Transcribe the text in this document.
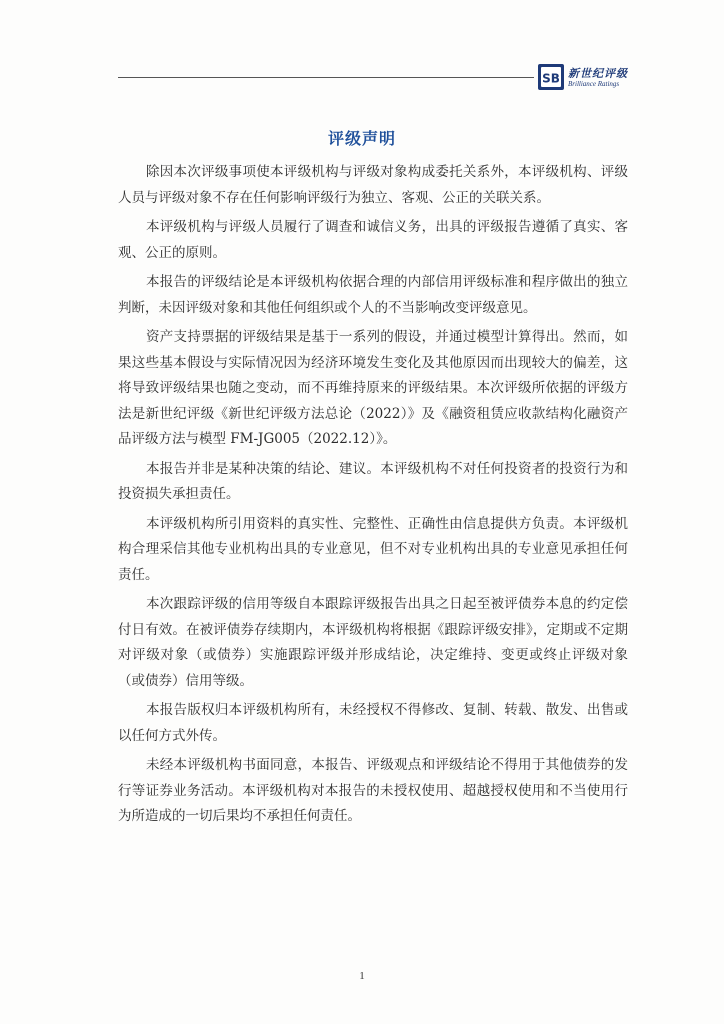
SB 新世纪评级
Brilliance Ratings
评级声明

除因本次评级事项使本评级机构与评级对象构成委托关系外，本评级机构、评级人员与评级对象不存在任何影响评级行为独立、客观、公正的关联关系。

本评级机构与评级人员履行了调查和诚信义务，出具的评级报告遵循了真实、客观、公正的原则。

本报告的评级结论是本评级机构依据合理的内部信用评级标准和程序做出的独立判断，未因评级对象和其他任何组织或个人的不当影响改变评级意见。

资产支持票据的评级结果是基于一系列的假设，并通过模型计算得出。然而，如果这些基本假设与实际情况因为经济环境发生变化及其他原因而出现较大的偏差，这将导致评级结果也随之变动，而不再维持原来的评级结果。本次评级所依据的评级方法是新世纪评级《新世纪评级方法总论（2022）》及《融资租赁应收款结构化融资产品评级方法与模型 FM-JG005（2022.12）》。

本报告并非是某种决策的结论、建议。本评级机构不对任何投资者的投资行为和投资损失承担责任。

本评级机构所引用资料的真实性、完整性、正确性由信息提供方负责。本评级机构合理采信其他专业机构出具的专业意见，但不对专业机构出具的专业意见承担任何责任。

本次跟踪评级的信用等级自本跟踪评级报告出具之日起至被评债券本息的约定偿付日有效。在被评债券存续期内，本评级机构将根据《跟踪评级安排》，定期或不定期对评级对象（或债券）实施跟踪评级并形成结论，决定维持、变更或终止评级对象（或债券）信用等级。

本报告版权归本评级机构所有，未经授权不得修改、复制、转载、散发、出售或以任何方式外传。

未经本评级机构书面同意，本报告、评级观点和评级结论不得用于其他债券的发行等证券业务活动。本评级机构对本报告的未授权使用、超越授权使用和不当使用行为所造成的一切后果均不承担任何责任。

1
